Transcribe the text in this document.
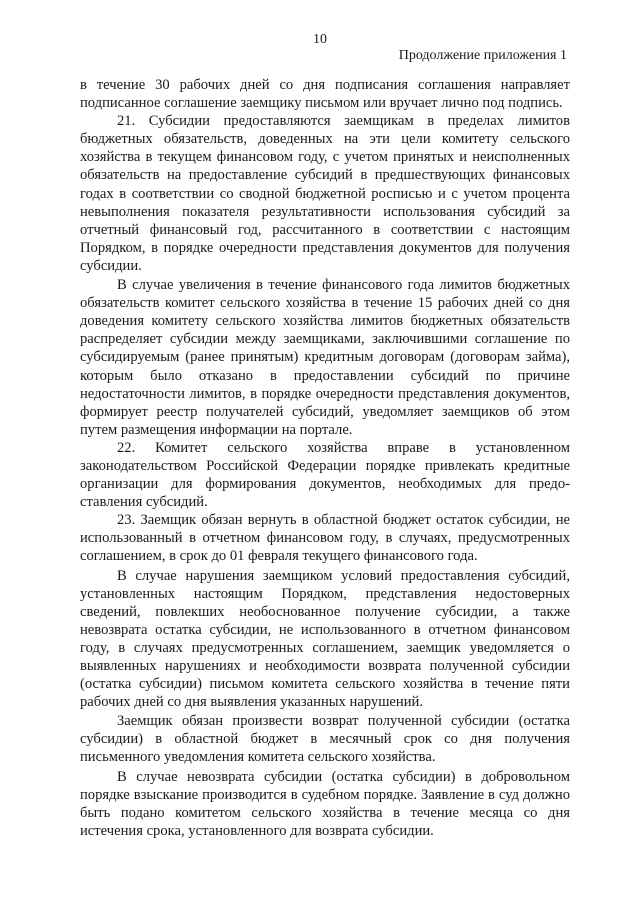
10
Продолжение приложения 1

в течение 30 рабочих дней со дня подписания соглашения направляет подписанное соглашение заемщику письмом или вручает лично под подпись.

21. Субсидии предоставляются заемщикам в пределах лимитов бюджетных обязательств, доведенных на эти цели комитету сельского хозяйства в текущем финансовом году, с учетом принятых и неисполненных обязательств на предоставление субсидий в предшествующих финансовых годах в соответствии со сводной бюджетной росписью и с учетом процента невыполнения показателя результативности использования субсидий за отчетный финансовый год, рассчитанного в соответствии с настоящим Порядком, в порядке очередности представления документов для получения субсидии.

В случае увеличения в течение финансового года лимитов бюджетных обязательств комитет сельского хозяйства в течение 15 рабочих дней со дня доведения комитету сельского хозяйства лимитов бюджетных обязательств распределяет субсидии между заемщиками, заключившими соглашение по субсидируемым (ранее принятым) кредитным договорам (договорам займа), которым было отказано в предоставлении субсидий по причине недостаточности лимитов, в порядке очередности представления документов, формирует реестр получателей субсидий, уведомляет заемщиков об этом путем размещения информации на портале.

22. Комитет сельского хозяйства вправе в установленном законодательством Российской Федерации порядке привлекать кредитные организации для формирования документов, необходимых для предоставления субсидий.

23. Заемщик обязан вернуть в областной бюджет остаток субсидии, не использованный в отчетном финансовом году, в случаях, предусмотренных соглашением, в срок до 01 февраля текущего финансового года.

В случае нарушения заемщиком условий предоставления субсидий, установленных настоящим Порядком, представления недостоверных сведений, повлекших необоснованное получение субсидии, а также невозврата остатка субсидии, не использованного в отчетном финансовом году, в случаях предусмотренных соглашением, заемщик уведомляется о выявленных нарушениях и необходимости возврата полученной субсидии (остатка субсидии) письмом комитета сельского хозяйства в течение пяти рабочих дней со дня выявления указанных нарушений.

Заемщик обязан произвести возврат полученной субсидии (остатка субсидии) в областной бюджет в месячный срок со дня получения письменного уведомления комитета сельского хозяйства.

В случае невозврата субсидии (остатка субсидии) в добровольном порядке взыскание производится в судебном порядке. Заявление в суд должно быть подано комитетом сельского хозяйства в течение месяца со дня истечения срока, установленного для возврата субсидии.
